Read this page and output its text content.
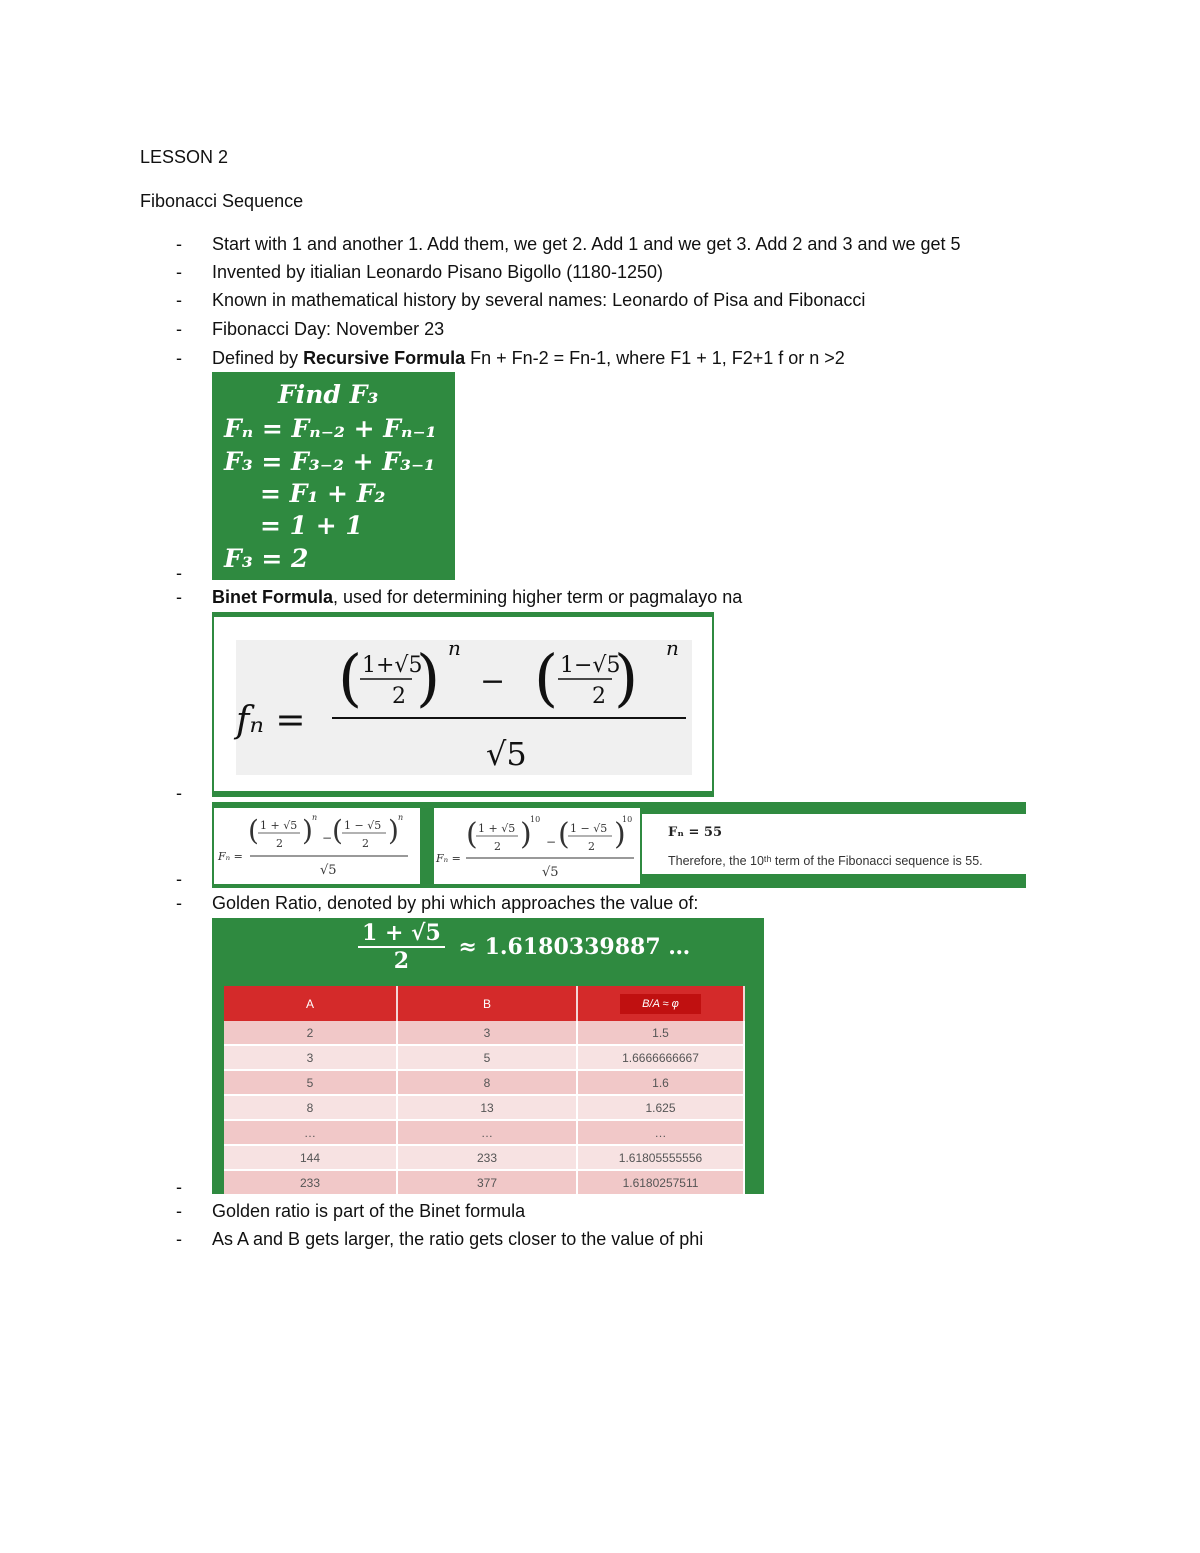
LESSON 2
Fibonacci Sequence
- Start with 1 and another 1. Add them, we get 2. Add 1 and we get 3. Add 2 and 3 and we get 5
- Invented by itialian Leonardo Pisano Bigollo (1180-1250)
- Known in mathematical history by several names: Leonardo of Pisa and Fibonacci
- Fibonacci Day: November 23
- Defined by Recursive Formula Fn + Fn-2 = Fn-1, where F1 + 1, F2+1 f or n >2
Find F₃
Fₙ = Fₙ₋₂ + Fₙ₋₁
F₃ = F₃₋₂ + F₃₋₁
= F₁ + F₂
= 1 + 1
F₃ = 2
-
- Binet Formula, used for determining higher term or pagmalayo na
fₙ =
( 1+√5
2 ) n
− ( 1−√5
2 ) n
√5
-
Fₙ =
( 1 + √5
2 ) n
− ( 1 − √5
2 ) n
√5
Fₙ =
( 1 + √5
2 )
10
− ( 1 − √5
2 )
10
√5
Fₙ = 55
Therefore, the 10ᵗʰ term of the Fibonacci sequence is 55.
-
- Golden Ratio, denoted by phi which approaches the value of:
$\frac{1 + √5}{2} \approx 1.6180339887$ …
A	B	B/A ≈ φ
2	3	1.5
3	5	1.6666666667
5	8	1.6
8	13	1.625
…	…	…
144	233	1.61805555556
233	377	1.6180257511
-
- Golden ratio is part of the Binet formula
- As A and B gets larger, the ratio gets closer to the value of phi
